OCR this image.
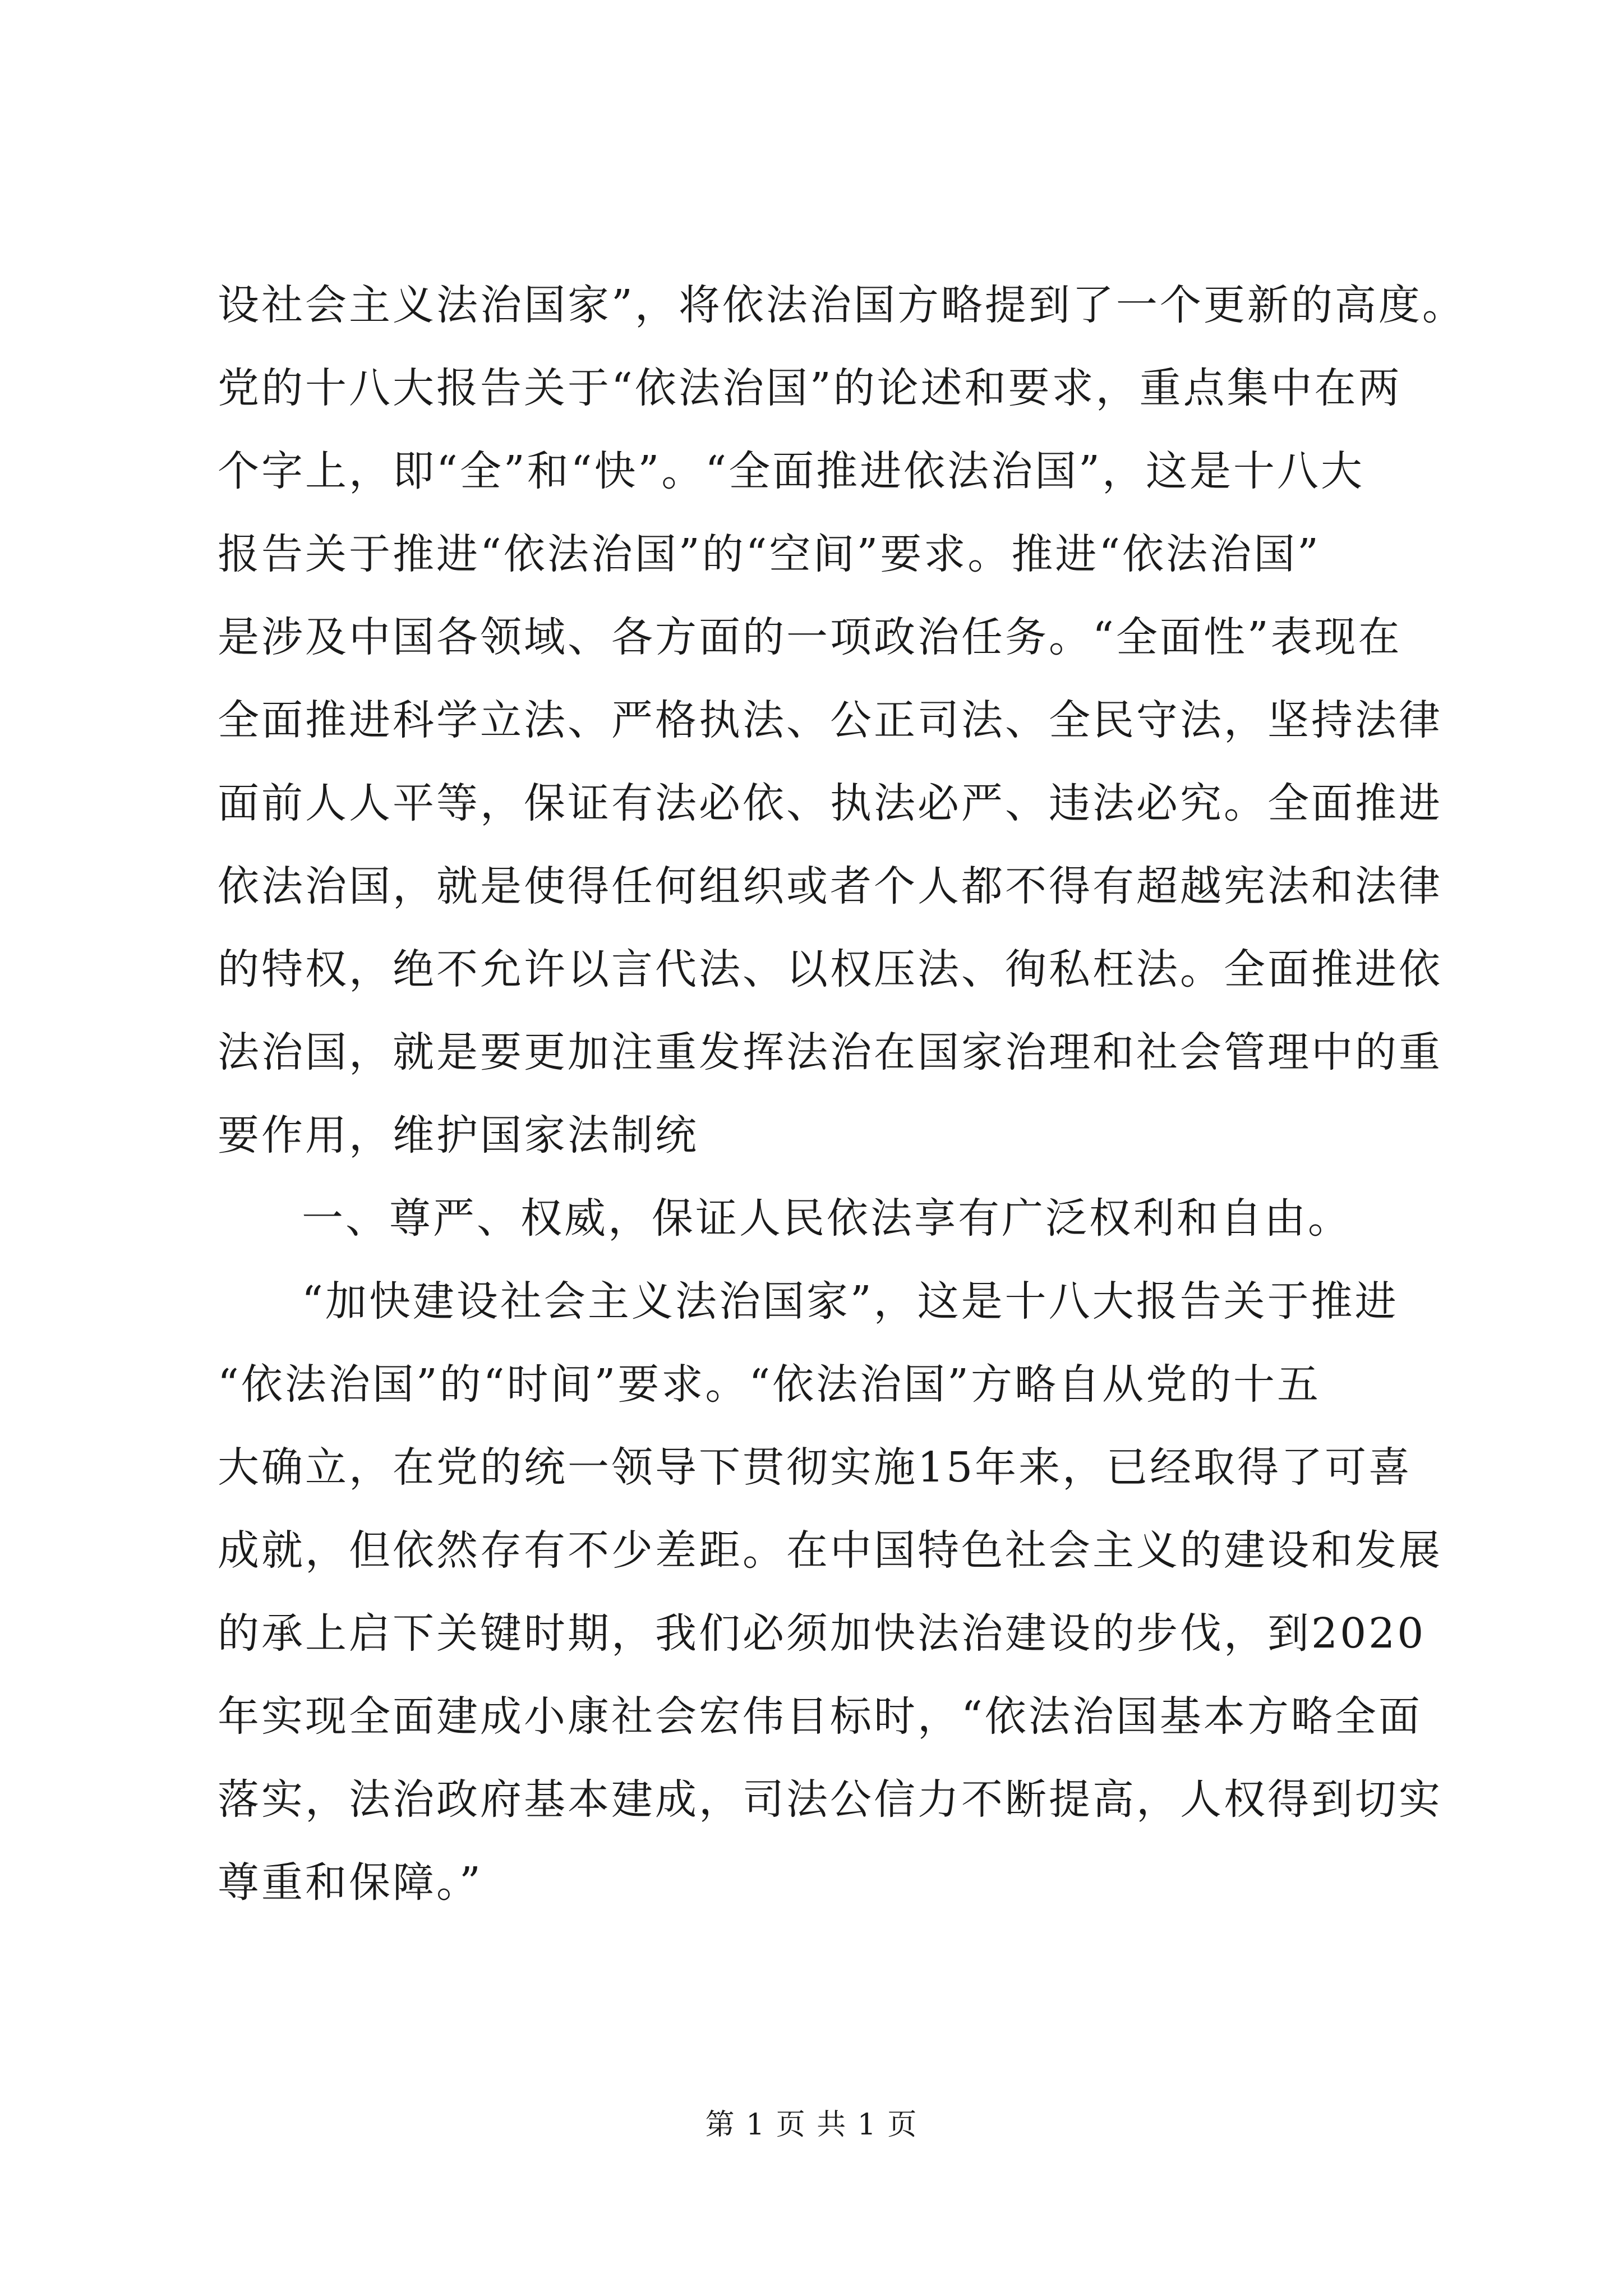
设社会主义法治国家”，将依法治国方略提到了一个更新的高度。
党的十八大报告关于“依法治国”的论述和要求，重点集中在两
个字上，即“全”和“快”。“全面推进依法治国”，这是十八大
报告关于推进“依法治国”的“空间”要求。推进“依法治国”
是涉及中国各领域、各方面的一项政治任务。“全面性”表现在
全面推进科学立法、严格执法、公正司法、全民守法，坚持法律
面前人人平等，保证有法必依、执法必严、违法必究。全面推进
依法治国，就是使得任何组织或者个人都不得有超越宪法和法律
的特权，绝不允许以言代法、以权压法、徇私枉法。全面推进依
法治国，就是要更加注重发挥法治在国家治理和社会管理中的重
要作用，维护国家法制统
一、尊严、权威，保证人民依法享有广泛权利和自由。
“加快建设社会主义法治国家”，这是十八大报告关于推进
“依法治国”的“时间”要求。“依法治国”方略自从党的十五
大确立，在党的统一领导下贯彻实施15年来，已经取得了可喜
成就，但依然存有不少差距。在中国特色社会主义的建设和发展
的承上启下关键时期，我们必须加快法治建设的步伐，到2020
年实现全面建成小康社会宏伟目标时，“依法治国基本方略全面
落实，法治政府基本建成，司法公信力不断提高，人权得到切实
尊重和保障。”
第 1 页 共 1 页
